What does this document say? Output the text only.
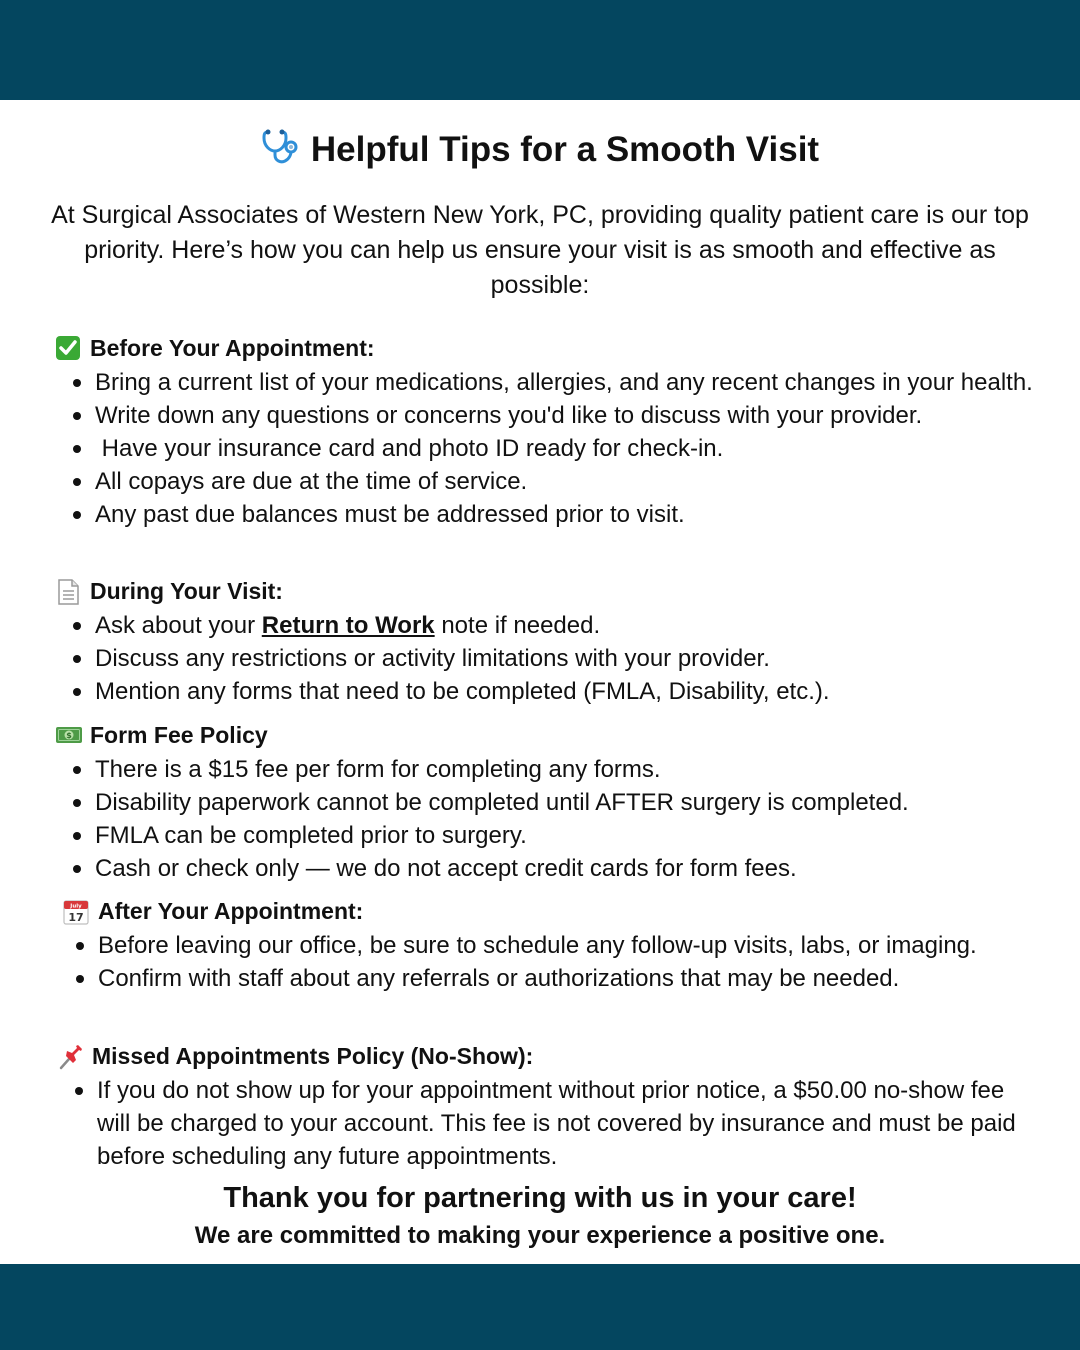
Helpful Tips for a Smooth Visit

At Surgical Associates of Western New York, PC, providing quality patient care is our top priority. Here’s how you can help us ensure your visit is as smooth and effective as possible:

Before Your Appointment:
Bring a current list of your medications, allergies, and any recent changes in your health.
Write down any questions or concerns you'd like to discuss with your provider.
Have your insurance card and photo ID ready for check-in.
All copays are due at the time of service.
Any past due balances must be addressed prior to visit.
During Your Visit:
Ask about your Return to Work note if needed.
Discuss any restrictions or activity limitations with your provider.
Mention any forms that need to be completed (FMLA, Disability, etc.).
$ Form Fee Policy
There is a $15 fee per form for completing any forms.
Disability paperwork cannot be completed until AFTER surgery is completed.
FMLA can be completed prior to surgery.
Cash or check only — we do not accept credit cards for form fees.
July
17 After Your Appointment:
Before leaving our office, be sure to schedule any follow-up visits, labs, or imaging.
Confirm with staff about any referrals or authorizations that may be needed.
Missed Appointments Policy (No-Show):
If you do not show up for your appointment without prior notice, a $50.00 no-show fee will be charged to your account. This fee is not covered by insurance and must be paid before scheduling any future appointments.
Thank you for partnering with us in your care!
We are committed to making your experience a positive one.
